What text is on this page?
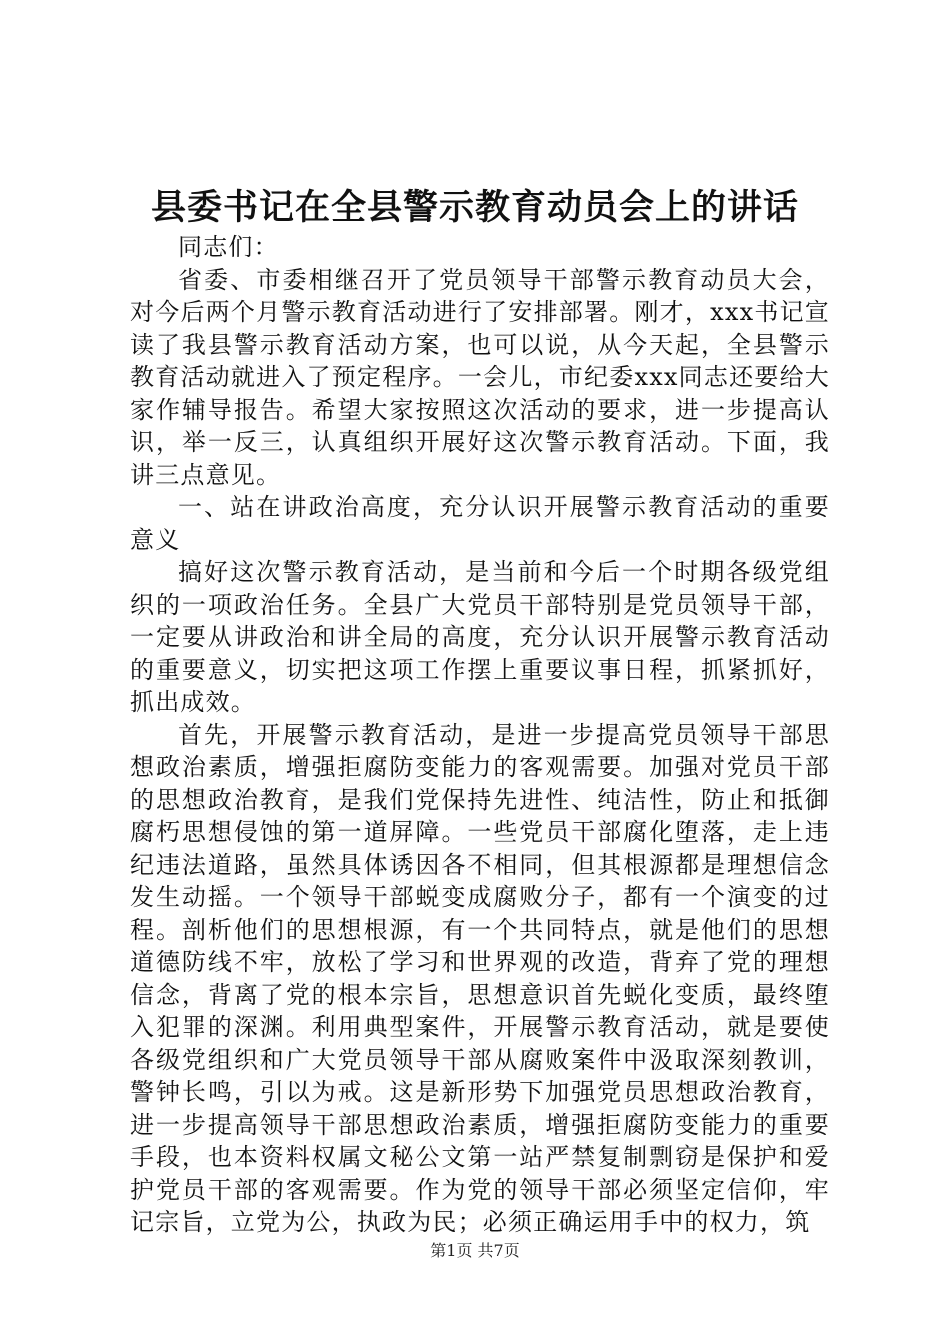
县委书记在全县警示教育动员会上的讲话

同志们：

省委、市委相继召开了党员领导干部警示教育动员大会，对今后两个月警示教育活动进行了安排部署。刚才，xxx书记宣读了我县警示教育活动方案，也可以说，从今天起，全县警示教育活动就进入了预定程序。一会儿，市纪委xxx同志还要给大家作辅导报告。希望大家按照这次活动的要求，进一步提高认识，举一反三，认真组织开展好这次警示教育活动。下面，我讲三点意见。

一、站在讲政治高度，充分认识开展警示教育活动的重要意义

搞好这次警示教育活动，是当前和今后一个时期各级党组织的一项政治任务。全县广大党员干部特别是党员领导干部，一定要从讲政治和讲全局的高度，充分认识开展警示教育活动的重要意义，切实把这项工作摆上重要议事日程，抓紧抓好，抓出成效。

首先，开展警示教育活动，是进一步提高党员领导干部思想政治素质，增强拒腐防变能力的客观需要。加强对党员干部的思想政治教育，是我们党保持先进性、纯洁性，防止和抵御腐朽思想侵蚀的第一道屏障。一些党员干部腐化堕落，走上违纪违法道路，虽然具体诱因各不相同，但其根源都是理想信念发生动摇。一个领导干部蜕变成腐败分子，都有一个演变的过程。剖析他们的思想根源，有一个共同特点，就是他们的思想道德防线不牢，放松了学习和世界观的改造，背弃了党的理想信念，背离了党的根本宗旨，思想意识首先蜕化变质，最终堕入犯罪的深渊。利用典型案件，开展警示教育活动，就是要使各级党组织和广大党员领导干部从腐败案件中汲取深刻教训，警钟长鸣，引以为戒。这是新形势下加强党员思想政治教育，进一步提高领导干部思想政治素质，增强拒腐防变能力的重要手段，也本资料权属文秘公文第一站严禁复制剽窃是保护和爱护党员干部的客观需要。作为党的领导干部必须坚定信仰，牢记宗旨，立党为公，执政为民；必须正确运用手中的权力，筑

第1页 共7页
